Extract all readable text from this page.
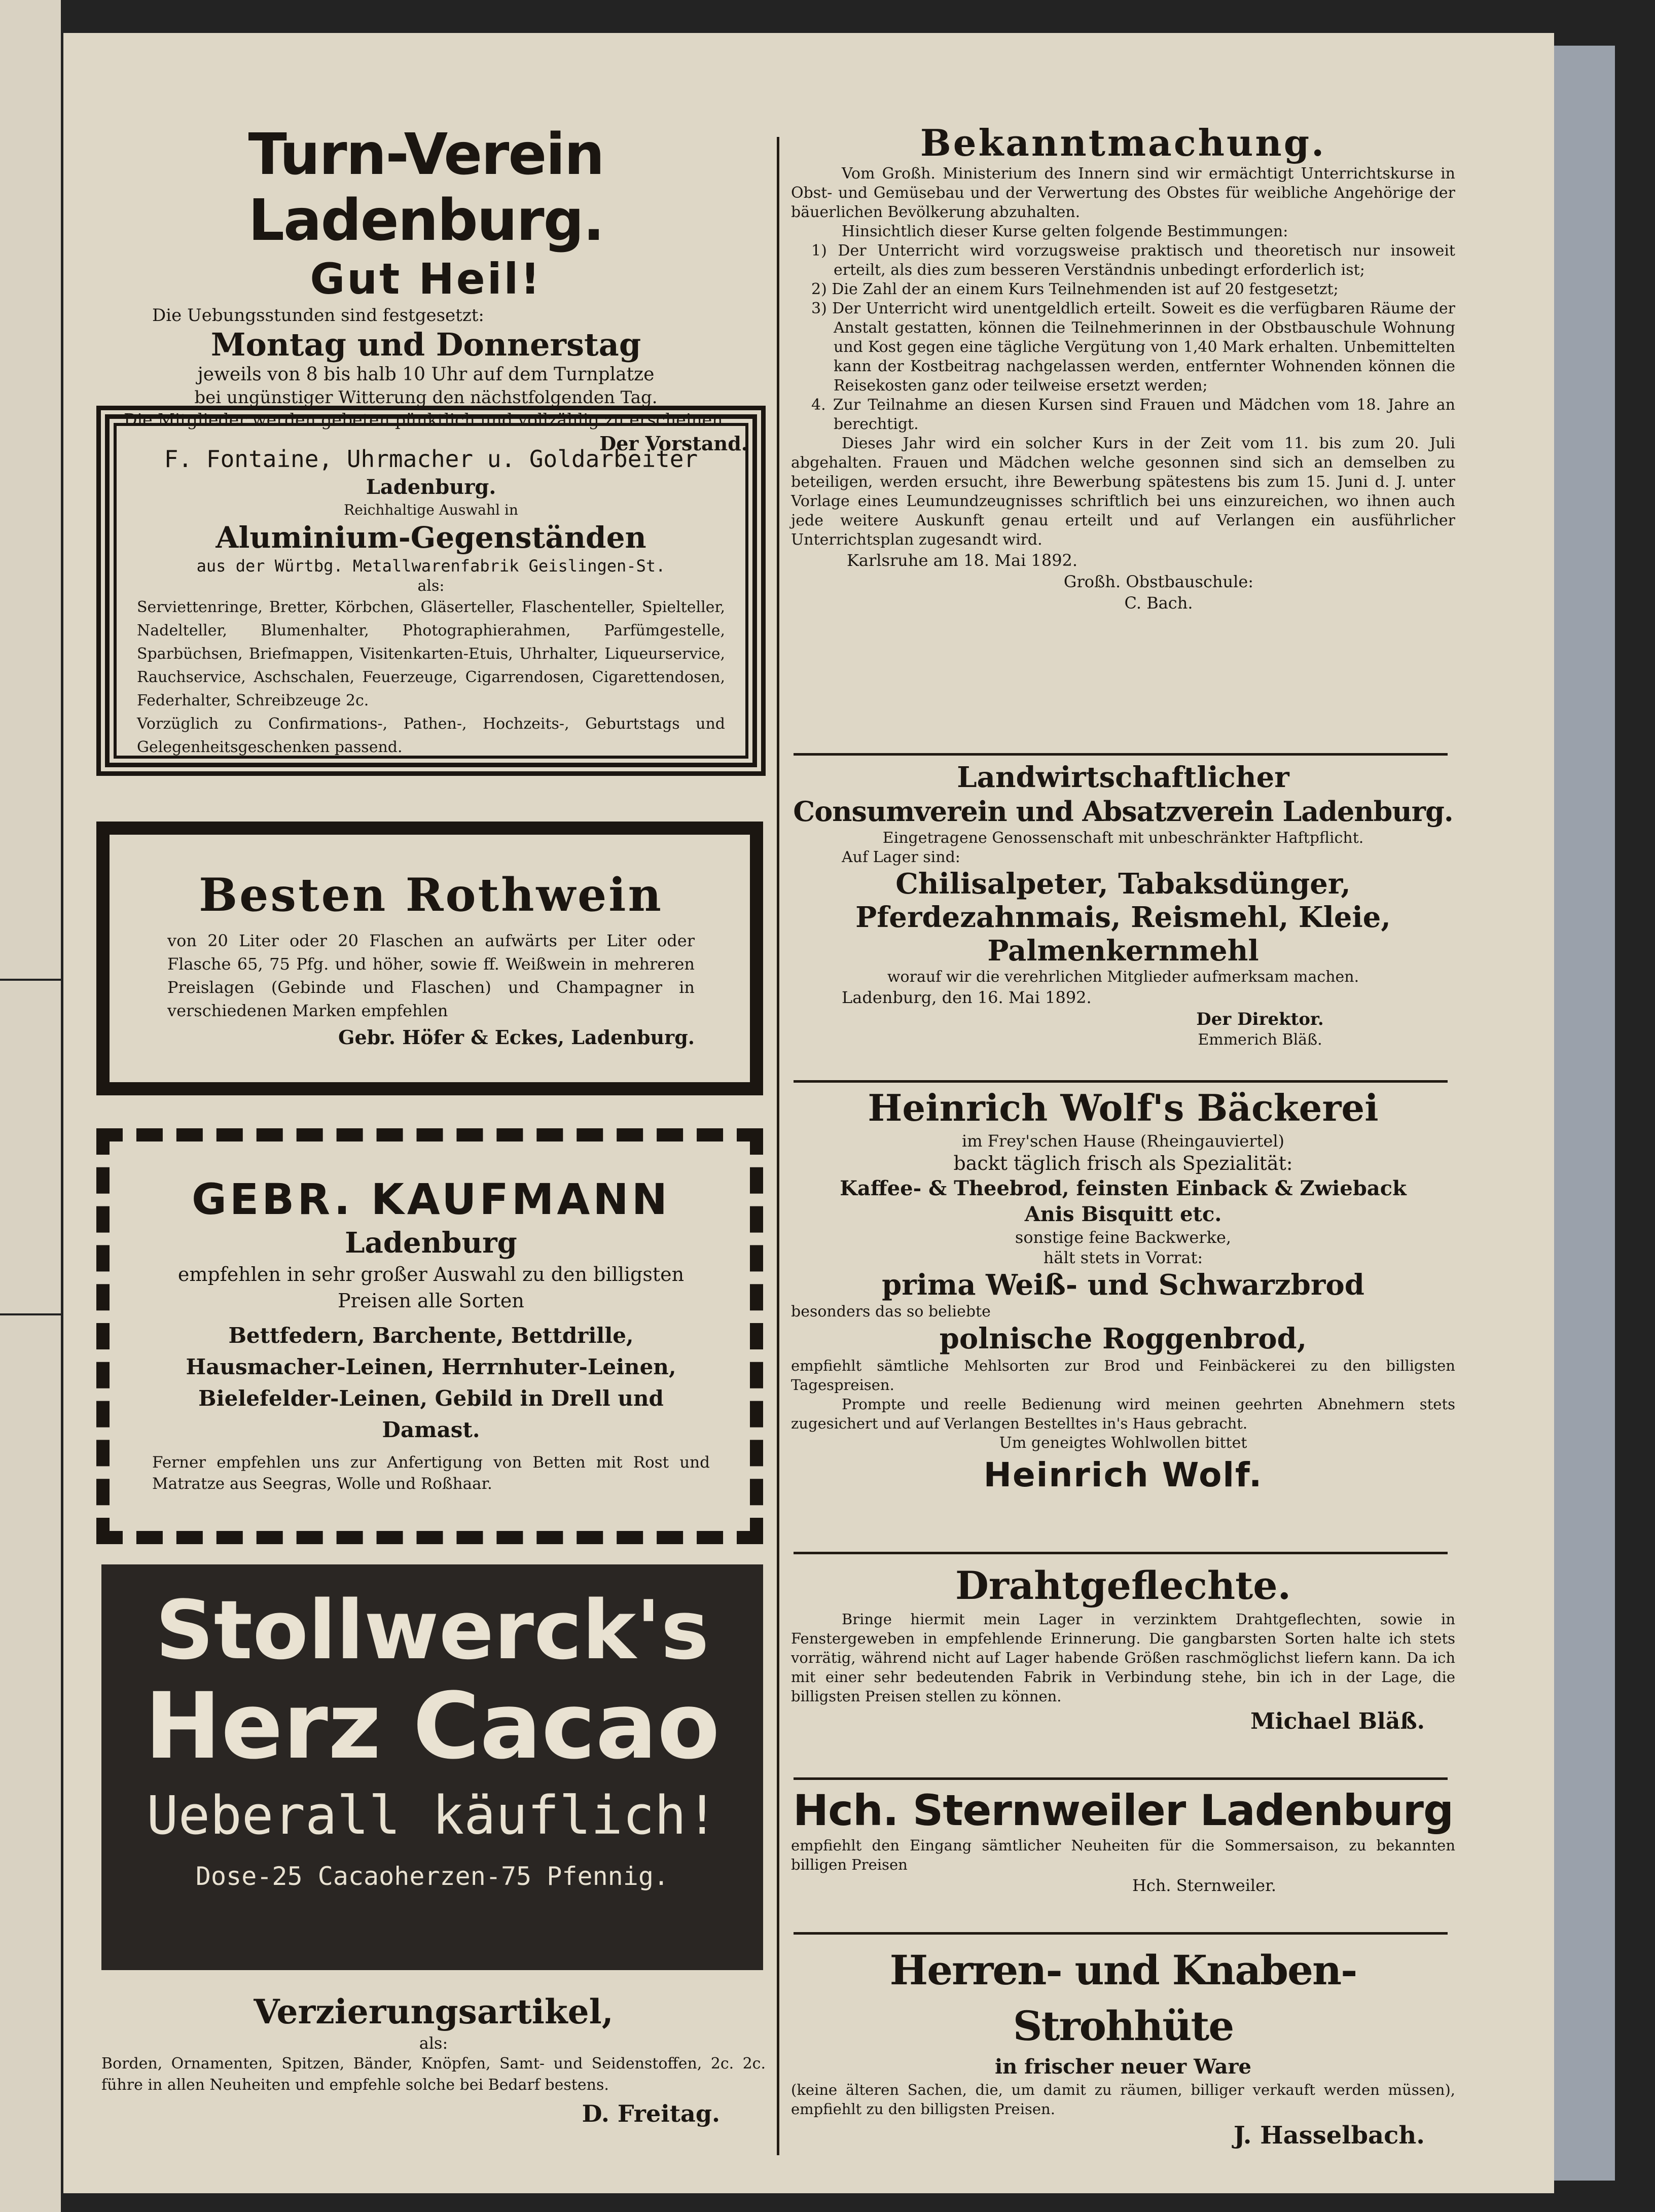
Turn-Verein Ladenburg.
Gut Heil!
Die Uebungsstunden sind festgesetzt:
Montag und Donnerstag
jeweils von 8 bis halb 10 Uhr auf dem Turnplatze
bei ungünstiger Witterung den nächstfolgenden Tag.
Die Mitglieder werden gebeten pünktlich und vollzählig zu erscheinen.
Der Vorstand.
F. Fontaine, Uhrmacher u. Goldarbeiter
Ladenburg.
Reichhaltige Auswahl in
Aluminium-Gegenständen
aus der Würtbg. Metallwarenfabrik Geislingen-St.
als:
Serviettenringe, Bretter, Körbchen, Gläserteller, Flaschenteller, Spielteller, Nadelteller, Blumenhalter, Photographierahmen, Parfümgestelle, Sparbüchsen, Briefmappen, Visitenkarten-Etuis, Uhrhalter, Liqueurservice, Rauchservice, Aschschalen, Feuerzeuge, Cigarrendosen, Cigarettendosen, Federhalter, Schreibzeuge 2c.
Vorzüglich zu Confirmations-, Pathen-, Hochzeits-, Geburtstags und Gelegenheitsgeschenken passend.
Besten Rothwein
von 20 Liter oder 20 Flaschen an aufwärts per Liter oder Flasche 65, 75 Pfg. und höher, sowie ff. Weißwein in mehreren Preislagen (Gebinde und Flaschen) und Champagner in verschiedenen Marken empfehlen
Gebr. Höfer & Eckes, Ladenburg.
GEBR. KAUFMANN
Ladenburg
empfehlen in sehr großer Auswahl zu den billigsten Preisen alle Sorten
Bettfedern, Barchente, Bettdrille, Hausmacher-Leinen, Herrnhuter-Leinen, Bielefelder-Leinen, Gebild in Drell und Damast.
Ferner empfehlen uns zur Anfertigung von Betten mit Rost und Matratze aus Seegras, Wolle und Roßhaar.
Stollwerck's
Herz Cacao
Ueberall käuflich!
Dose-25 Cacaoherzen-75 Pfennig.
Verzierungsartikel,
als:
Borden, Ornamenten, Spitzen, Bänder, Knöpfen, Samt- und Seidenstoffen, 2c. 2c. führe in allen Neuheiten und empfehle solche bei Bedarf bestens.
D. Freitag.
Bekanntmachung.
Vom Großh. Ministerium des Innern sind wir ermächtigt Unterrichtskurse in Obst- und Gemüsebau und der Verwertung des Obstes für weibliche Angehörige der bäuerlichen Bevölkerung abzuhalten.
Hinsichtlich dieser Kurse gelten folgende Bestimmungen:
1) Der Unterricht wird vorzugsweise praktisch und theoretisch nur insoweit erteilt, als dies zum besseren Verständnis unbedingt erforderlich ist;
2) Die Zahl der an einem Kurs Teilnehmenden ist auf 20 festgesetzt;
3) Der Unterricht wird unentgeldlich erteilt. Soweit es die verfügbaren Räume der Anstalt gestatten, können die Teilnehmerinnen in der Obstbauschule Wohnung und Kost gegen eine tägliche Vergütung von 1,40 Mark erhalten. Unbemittelten kann der Kostbeitrag nachgelassen werden, entfernter Wohnenden können die Reisekosten ganz oder teilweise ersetzt werden;
4. Zur Teilnahme an diesen Kursen sind Frauen und Mädchen vom 18. Jahre an berechtigt.
Dieses Jahr wird ein solcher Kurs in der Zeit vom 11. bis zum 20. Juli abgehalten. Frauen und Mädchen welche gesonnen sind sich an demselben zu beteiligen, werden ersucht, ihre Bewerbung spätestens bis zum 15. Juni d. J. unter Vorlage eines Leumundzeugnisses schriftlich bei uns einzureichen, wo ihnen auch jede weitere Auskunft genau erteilt und auf Verlangen ein ausführlicher Unterrichtsplan zugesandt wird.
Karlsruhe am 18. Mai 1892.
Großh. Obstbauschule:
C. Bach.
Landwirtschaftlicher
Consumverein und Absatzverein Ladenburg.
Eingetragene Genossenschaft mit unbeschränkter Haftpflicht.
Auf Lager sind:
Chilisalpeter, Tabaksdünger,
Pferdezahnmais, Reismehl, Kleie,
Palmenkernmehl
worauf wir die verehrlichen Mitglieder aufmerksam machen.
Ladenburg, den 16. Mai 1892.
Der Direktor.
Emmerich Bläß.
Heinrich Wolf's Bäckerei
im Frey'schen Hause (Rheingauviertel)
backt täglich frisch als Spezialität:
Kaffee- & Theebrod, feinsten Einback & Zwieback
Anis Bisquitt etc.
sonstige feine Backwerke,
hält stets in Vorrat:
prima Weiß- und Schwarzbrod
besonders das so beliebte
polnische Roggenbrod,
empfiehlt sämtliche Mehlsorten zur Brod und Feinbäckerei zu den billigsten Tagespreisen.
Prompte und reelle Bedienung wird meinen geehrten Abnehmern stets zugesichert und auf Verlangen Bestelltes in's Haus gebracht.
Um geneigtes Wohlwollen bittet
Heinrich Wolf.
Drahtgeflechte.
Bringe hiermit mein Lager in verzinktem Drahtgeflechten, sowie in Fenstergeweben in empfehlende Erinnerung. Die gangbarsten Sorten halte ich stets vorrätig, während nicht auf Lager habende Größen raschmöglichst liefern kann. Da ich mit einer sehr bedeutenden Fabrik in Verbindung stehe, bin ich in der Lage, die billigsten Preisen stellen zu können.
Michael Bläß.
Hch. Sternweiler Ladenburg
empfiehlt den Eingang sämtlicher Neuheiten für die Sommersaison, zu bekannten billigen Preisen
Hch. Sternweiler.
Herren- und Knaben-Strohhüte
in frischer neuer Ware
(keine älteren Sachen, die, um damit zu räumen, billiger verkauft werden müssen), empfiehlt zu den billigsten Preisen.
J. Hasselbach.
